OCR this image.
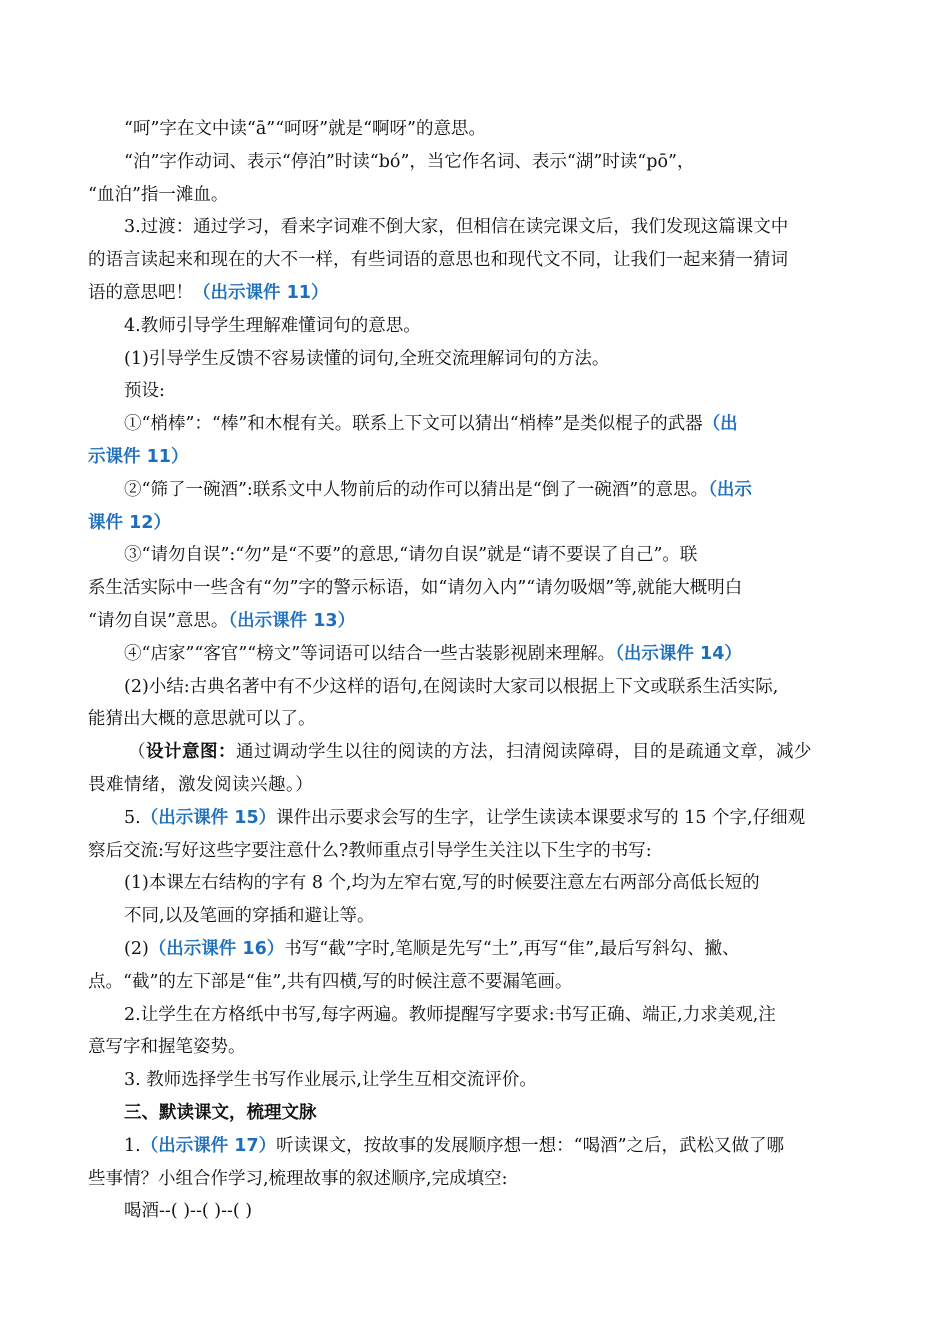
“呵”字在文中读“ā”“呵呀”就是“啊呀”的意思。
“泊”字作动词、表示“停泊”时读“bó”，当它作名词、表示“湖”时读“pō”，
“血泊”指一滩血。
3.过渡：通过学习，看来字词难不倒大家，但相信在读完课文后，我们发现这篇课文中
的语言读起来和现在的大不一样，有些词语的意思也和现代文不同，让我们一起来猜一猜词
语的意思吧！（出示课件 11）
4.教师引导学生理解难懂词句的意思。
(1)引导学生反馈不容易读懂的词句,全班交流理解词句的方法。
预设:
①“梢棒”：“棒”和木棍有关。联系上下文可以猜出“梢棒”是类似棍子的武器（出
示课件 11）
②“筛了一碗酒”:联系文中人物前后的动作可以猜出是“倒了一碗酒”的意思。（出示
课件 12）
③“请勿自误”:“勿”是“不要”的意思,“请勿自误”就是“请不要误了自己”。联
系生活实际中一些含有“勿”字的警示标语，如“请勿入内”“请勿吸烟”等,就能大概明白
“请勿自误”意思。（出示课件 13）
④“店家”“客官”“榜文”等词语可以结合一些古装影视剧来理解。（出示课件 14）
(2)小结:古典名著中有不少这样的语句,在阅读时大家司以根据上下文或联系生活实际,
能猜出大概的意思就可以了。
（设计意图：通过调动学生以往的阅读的方法，扫清阅读障碍，目的是疏通文章，减少
畏难情绪，激发阅读兴趣。）
5.（出示课件 15）课件出示要求会写的生字，让学生读读本课要求写的 15 个字,仔细观
察后交流:写好这些字要注意什么?教师重点引导学生关注以下生字的书写:
(1)本课左右结构的字有 8 个,均为左窄右宽,写的时候要注意左右两部分高低长短的
不同,以及笔画的穿插和避让等。
(2)（出示课件 16）书写“截”字时,笔顺是先写“土”,再写“隹”,最后写斜勾、撇、
点。“截”的左下部是“隹”,共有四横,写的时候注意不要漏笔画。
2.让学生在方格纸中书写,每字两遍。教师提醒写字要求:书写正确、端正,力求美观,注
意写字和握笔姿势。
3. 教师选择学生书写作业展示,让学生互相交流评价。
三、默读课文，梳理文脉
1.（出示课件 17）听读课文，按故事的发展顺序想一想：“喝酒”之后，武松又做了哪
些事情？小组合作学习,梳理故事的叙述顺序,完成填空:
喝酒--( )--( )--( )
